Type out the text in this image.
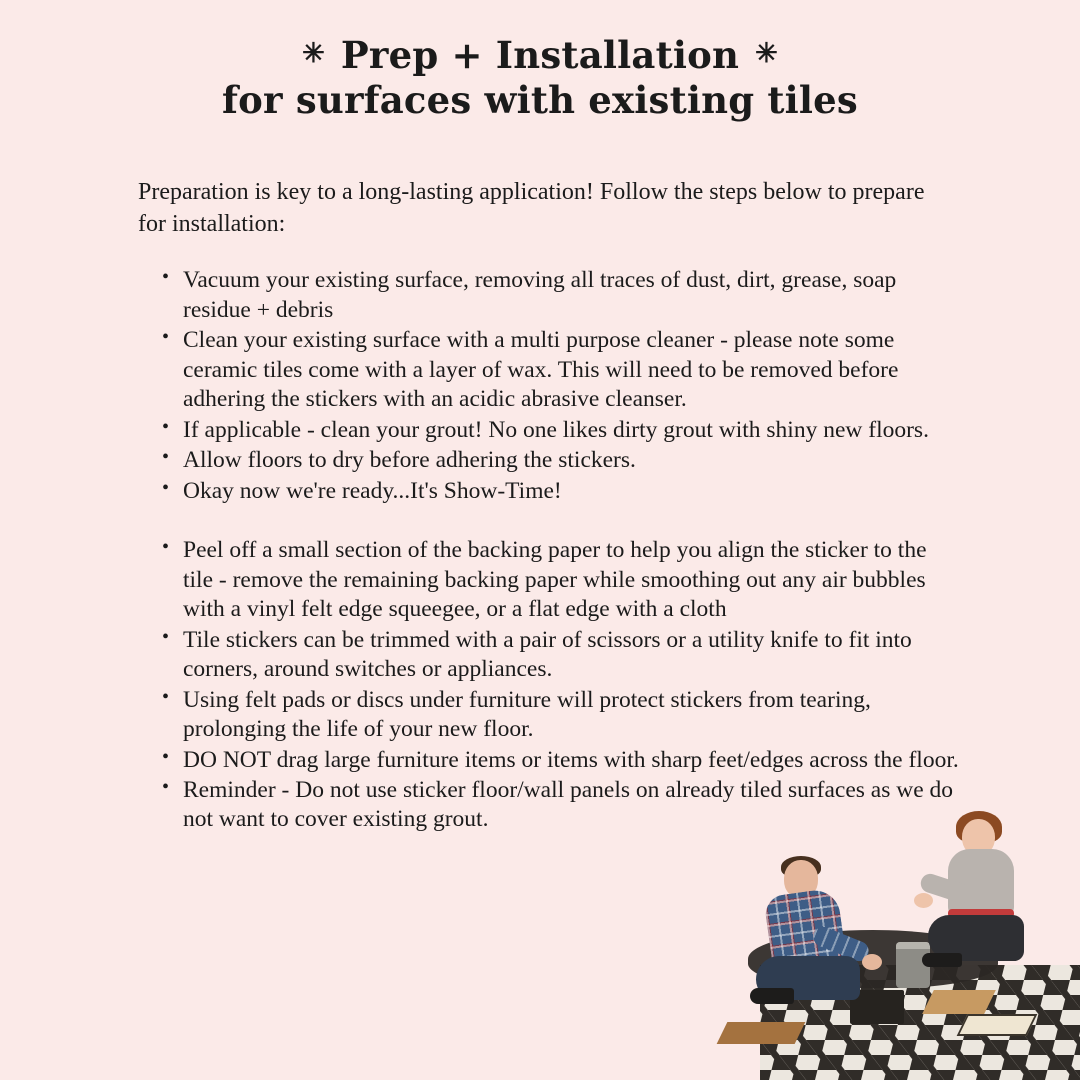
✳ Prep + Installation ✳
for surfaces with existing tiles

Preparation is key to a long-lasting application! Follow the steps below to prepare for installation:

• Vacuum your existing surface, removing all traces of dust, dirt, grease, soap residue + debris
• Clean your existing surface with a multi purpose cleaner - please note some ceramic tiles come with a layer of wax. This will need to be removed before adhering the stickers with an acidic abrasive cleanser.
• If applicable - clean your grout! No one likes dirty grout with shiny new floors.
• Allow floors to dry before adhering the stickers.
• Okay now we're ready...It's Show-Time!
• Peel off a small section of the backing paper to help you align the sticker to the tile - remove the remaining backing paper while smoothing out any air bubbles with a vinyl felt edge squeegee, or a flat edge with a cloth
• Tile stickers can be trimmed with a pair of scissors or a utility knife to fit into corners, around switches or appliances.
• Using felt pads or discs under furniture will protect stickers from tearing, prolonging the life of your new floor.
• DO NOT drag large furniture items or items with sharp feet/edges across the floor.
• Reminder - Do not use sticker floor/wall panels on already tiled surfaces as we do not want to cover existing grout.
